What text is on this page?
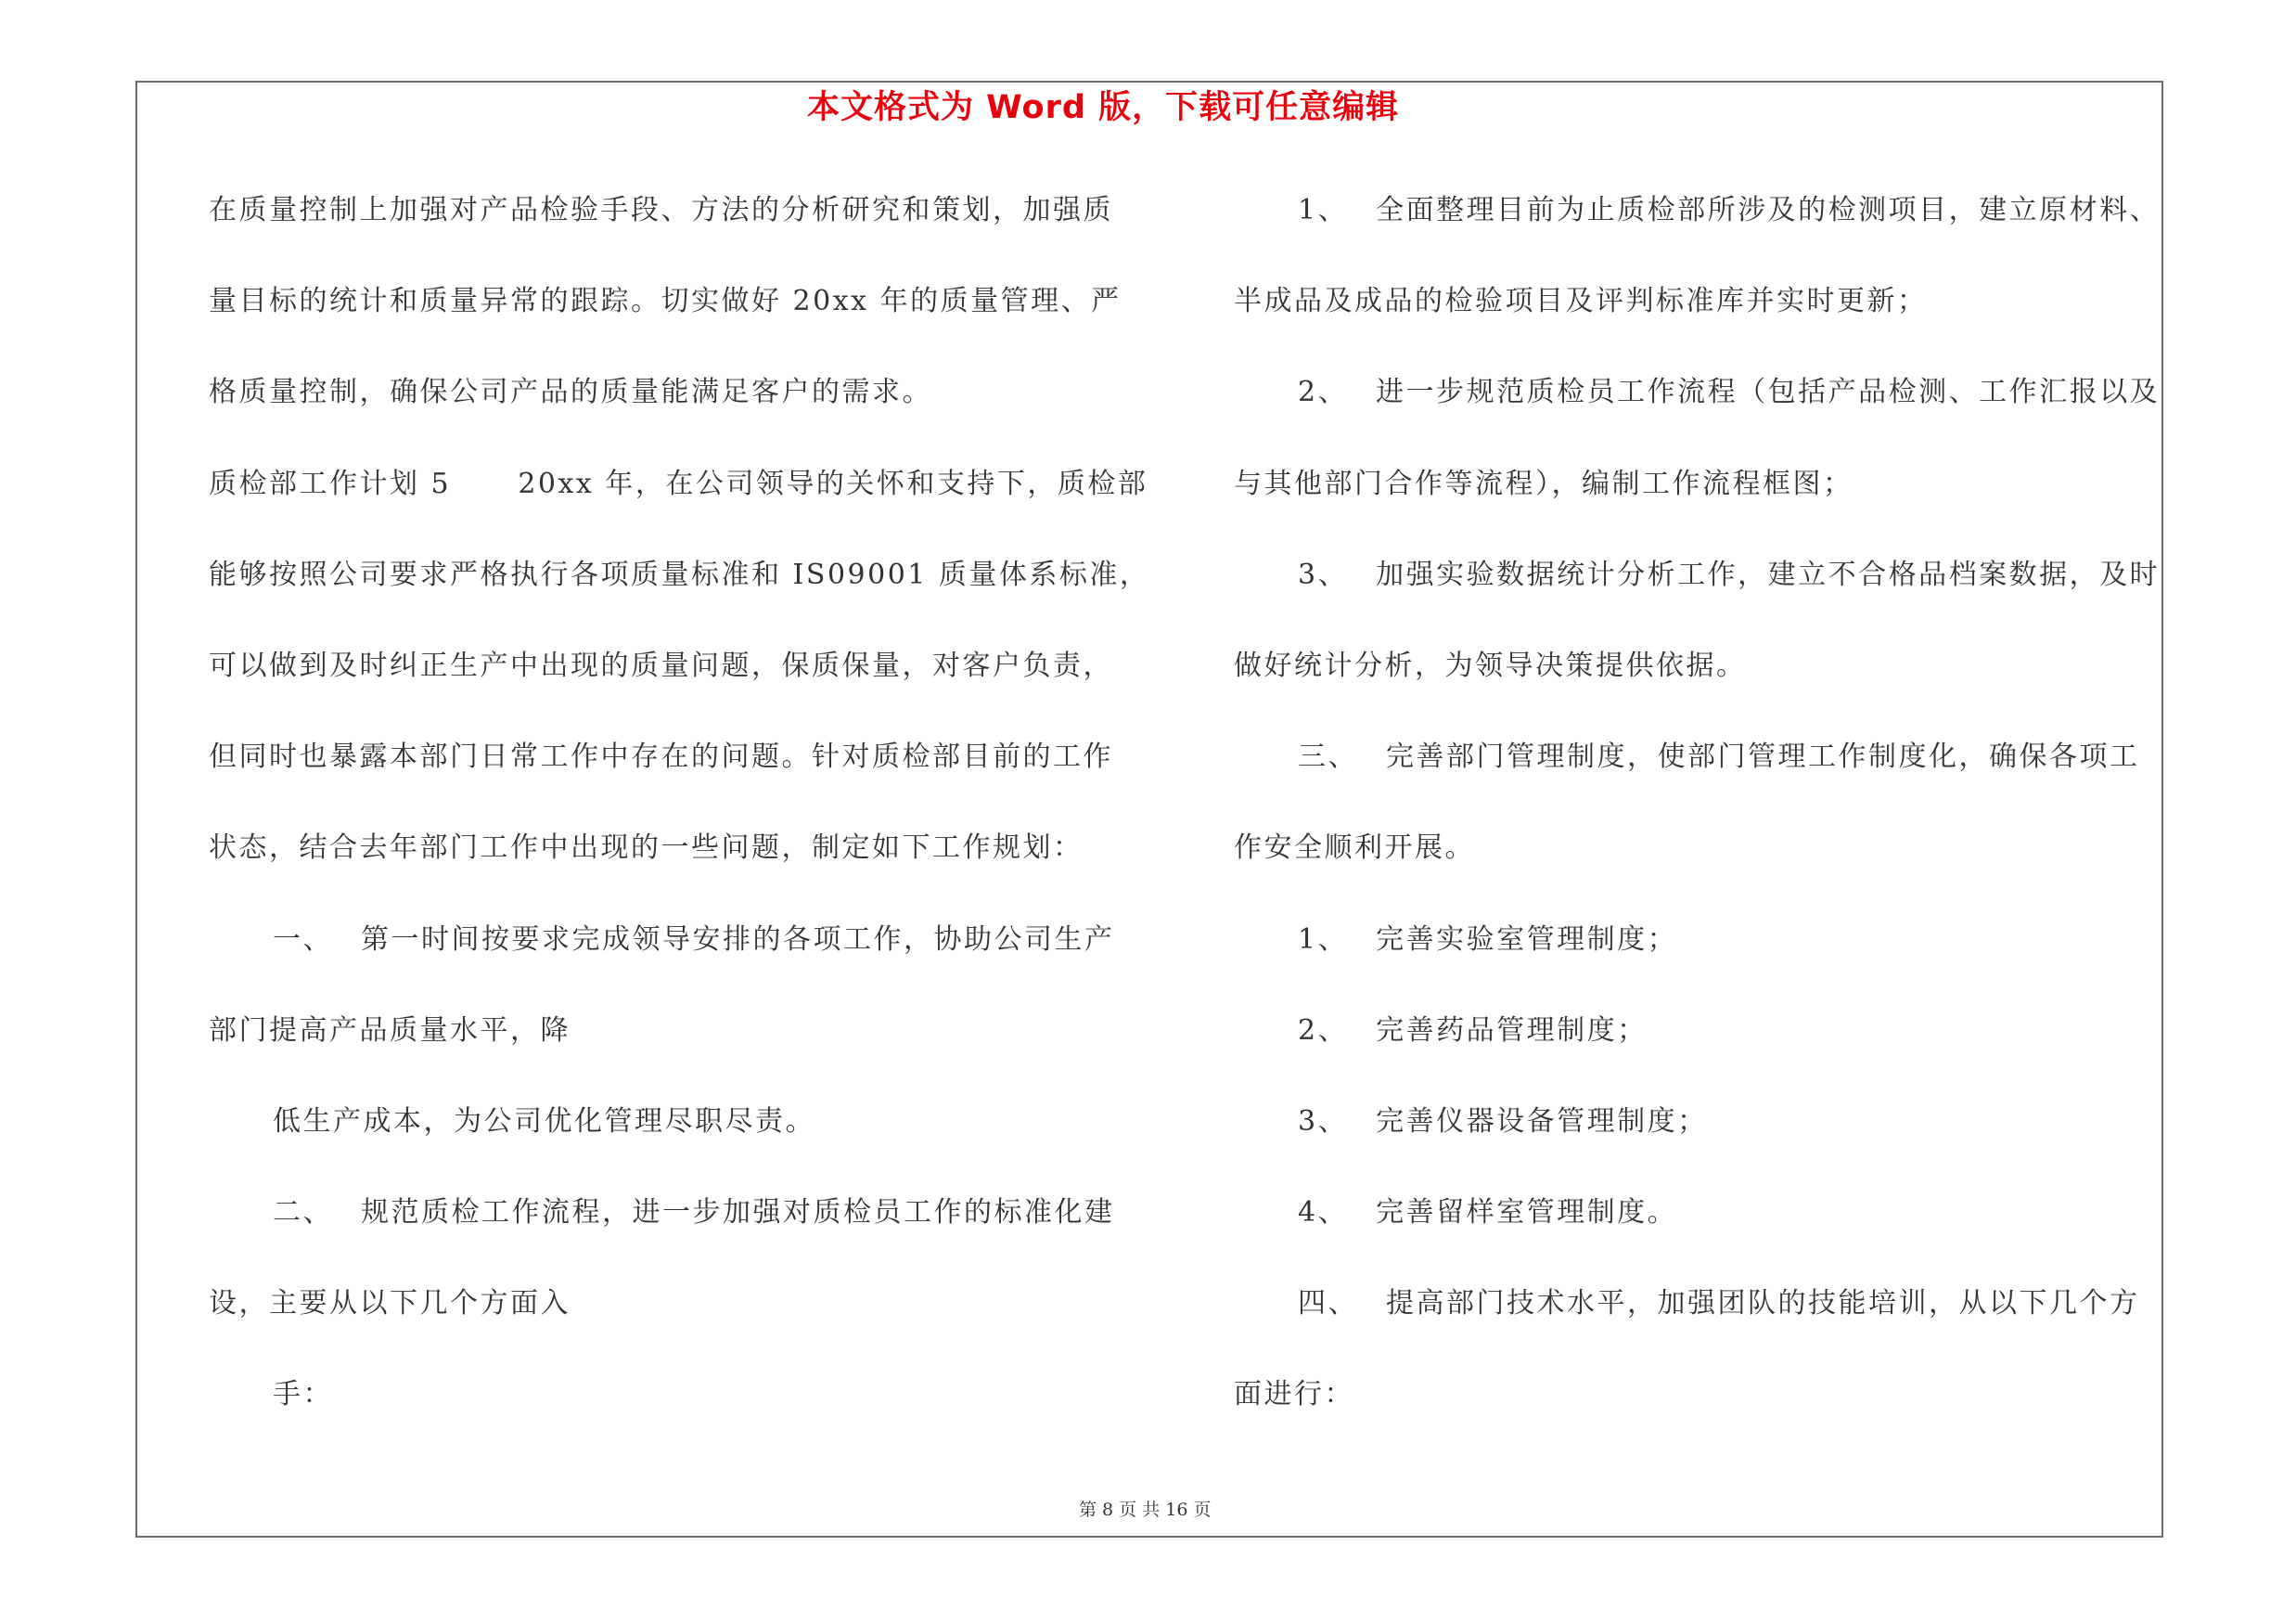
本文格式为 Word 版，下载可任意编辑
在质量控制上加强对产品检验手段、方法的分析研究和策划，加强质
量目标的统计和质量异常的跟踪。切实做好 20xx 年的质量管理、严
格质量控制，确保公司产品的质量能满足客户的需求。
质检部工作计划 5      20xx 年，在公司领导的关怀和支持下，质检部
能够按照公司要求严格执行各项质量标准和 IS09001 质量体系标准，
可以做到及时纠正生产中出现的质量问题，保质保量，对客户负责，
但同时也暴露本部门日常工作中存在的问题。针对质检部目前的工作
状态，结合去年部门工作中出现的一些问题，制定如下工作规划：
一、 第一时间按要求完成领导安排的各项工作，协助公司生产
部门提高产品质量水平，降
低生产成本，为公司优化管理尽职尽责。
二、 规范质检工作流程，进一步加强对质检员工作的标准化建
设，主要从以下几个方面入
手：
1、 全面整理目前为止质检部所涉及的检测项目，建立原材料、
半成品及成品的检验项目及评判标准库并实时更新；
2、 进一步规范质检员工作流程（包括产品检测、工作汇报以及
与其他部门合作等流程），编制工作流程框图；
3、 加强实验数据统计分析工作，建立不合格品档案数据，及时
做好统计分析，为领导决策提供依据。
三、 完善部门管理制度，使部门管理工作制度化，确保各项工
作安全顺利开展。
1、 完善实验室管理制度；
2、 完善药品管理制度；
3、 完善仪器设备管理制度；
4、 完善留样室管理制度。
四、 提高部门技术水平，加强团队的技能培训，从以下几个方
面进行：
第 8 页 共 16 页
